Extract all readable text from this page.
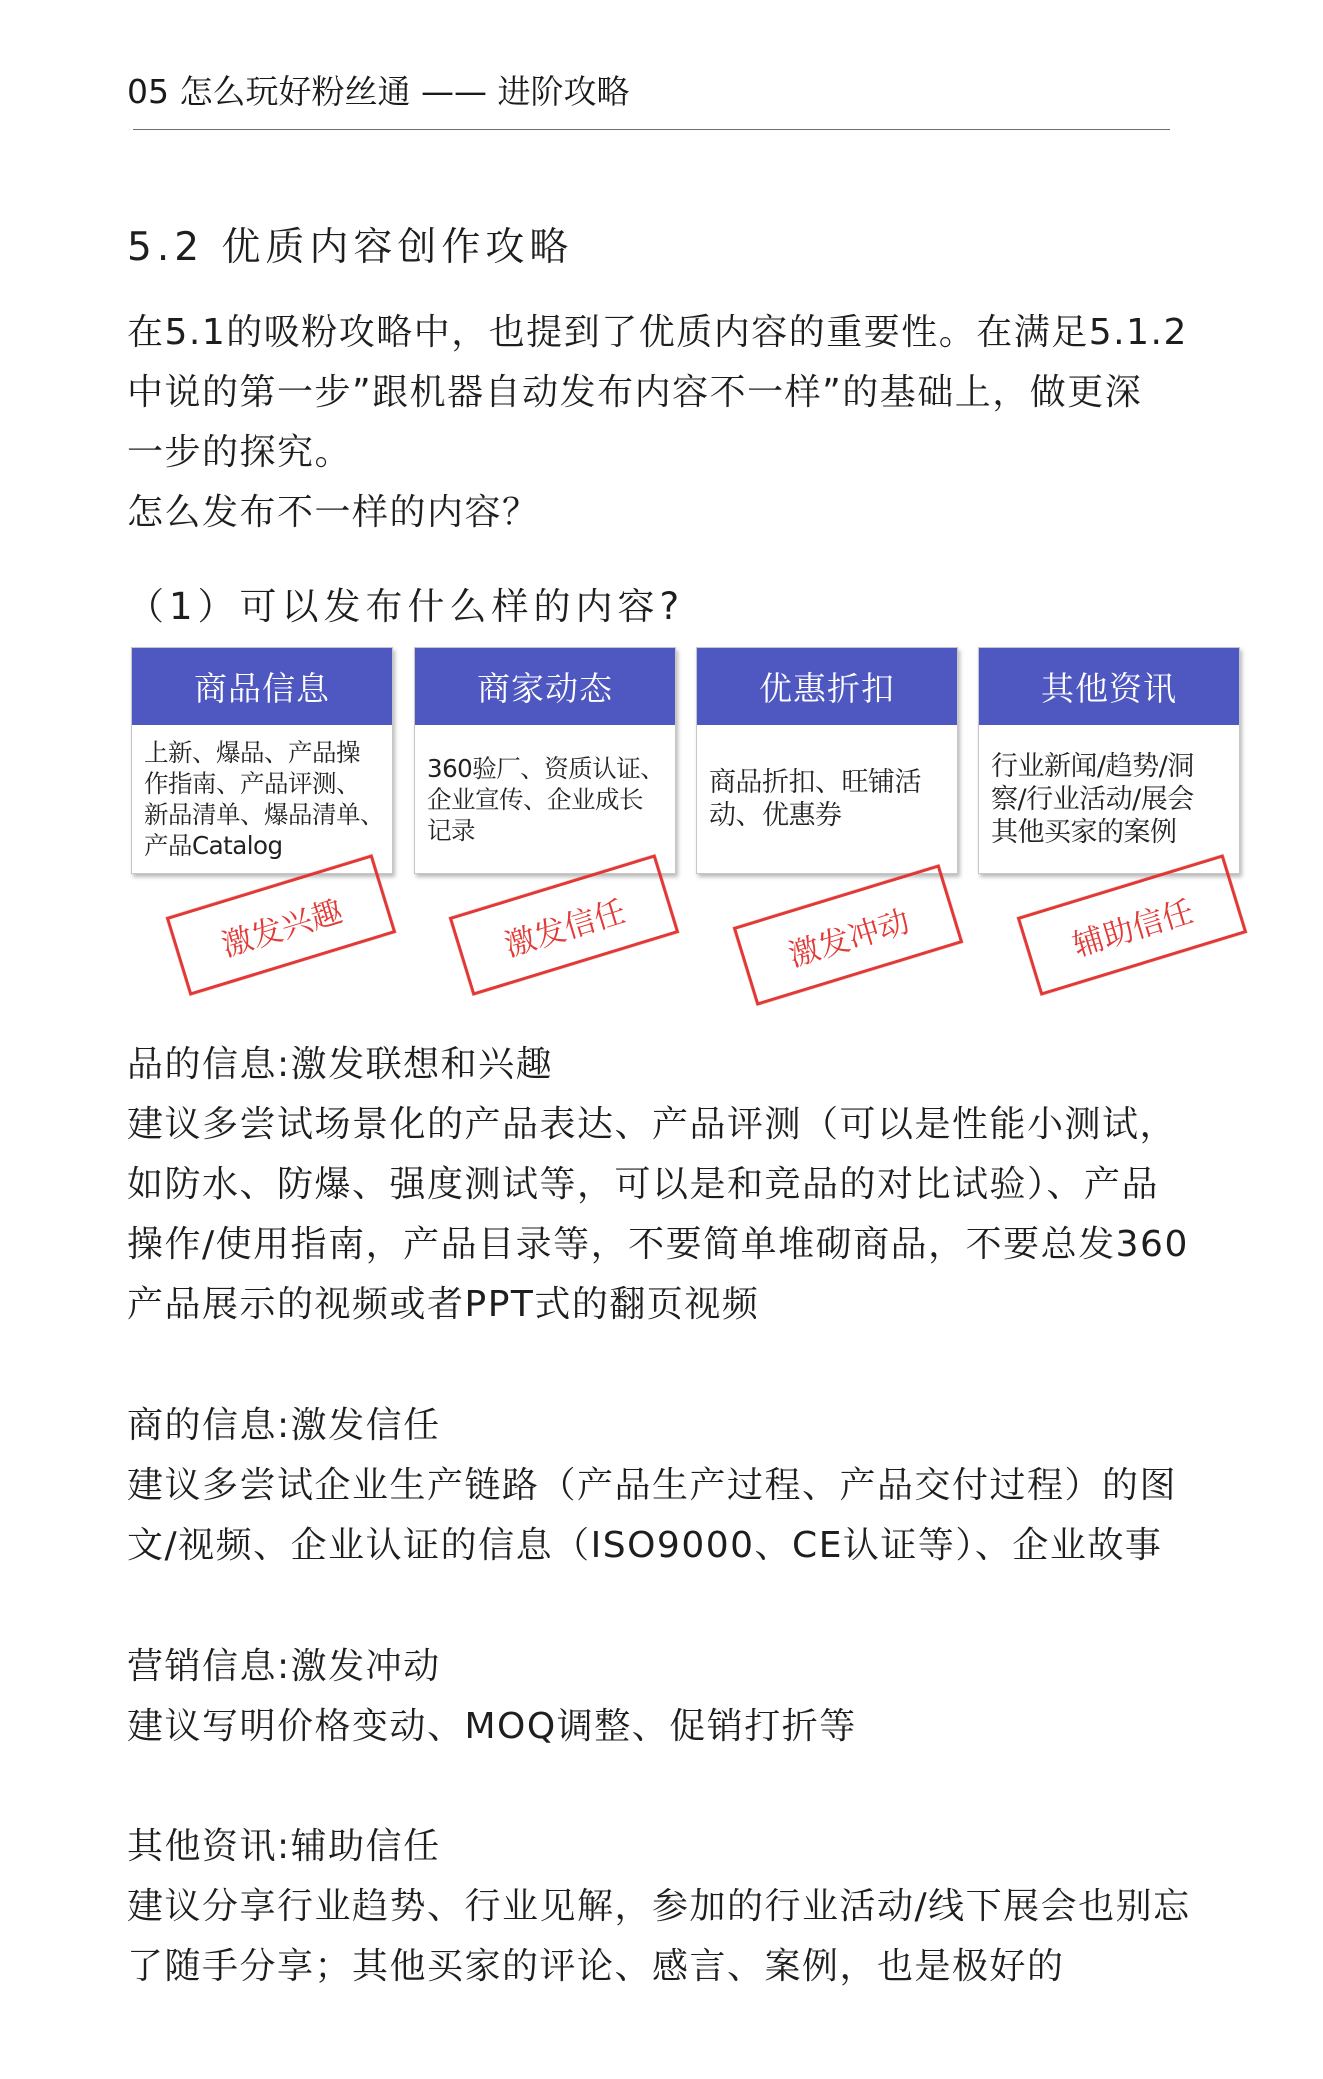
05 怎么玩好粉丝通 —— 进阶攻略
5.2 优质内容创作攻略

在5.1的吸粉攻略中，也提到了优质内容的重要性。在满足5.1.2
中说的第一步”跟机器自动发布内容不一样”的基础上，做更深
一步的探究。
怎么发布不一样的内容？

（1）可以发布什么样的内容?
商品信息
上新、爆品、产品操
作指南、产品评测、
新品清单、爆品清单、
产品Catalog
商家动态
360验厂、资质认证、
企业宣传、企业成长
记录
优惠折扣
商品折扣、旺铺活
动、优惠券
其他资讯
行业新闻/趋势/洞
察/行业活动/展会
其他买家的案例
激发兴趣	激发信任	激发冲动	辅助信任

品的信息:激发联想和兴趣
建议多尝试场景化的产品表达、产品评测（可以是性能小测试，
如防水、防爆、强度测试等，可以是和竞品的对比试验）、产品
操作/使用指南，产品目录等，不要简单堆砌商品，不要总发360
产品展示的视频或者PPT式的翻页视频

商的信息:激发信任
建议多尝试企业生产链路（产品生产过程、产品交付过程）的图
文/视频、企业认证的信息（ISO9000、CE认证等）、企业故事

营销信息:激发冲动
建议写明价格变动、MOQ调整、促销打折等

其他资讯:辅助信任
建议分享行业趋势、行业见解，参加的行业活动/线下展会也别忘
了随手分享；其他买家的评论、感言、案例，也是极好的
